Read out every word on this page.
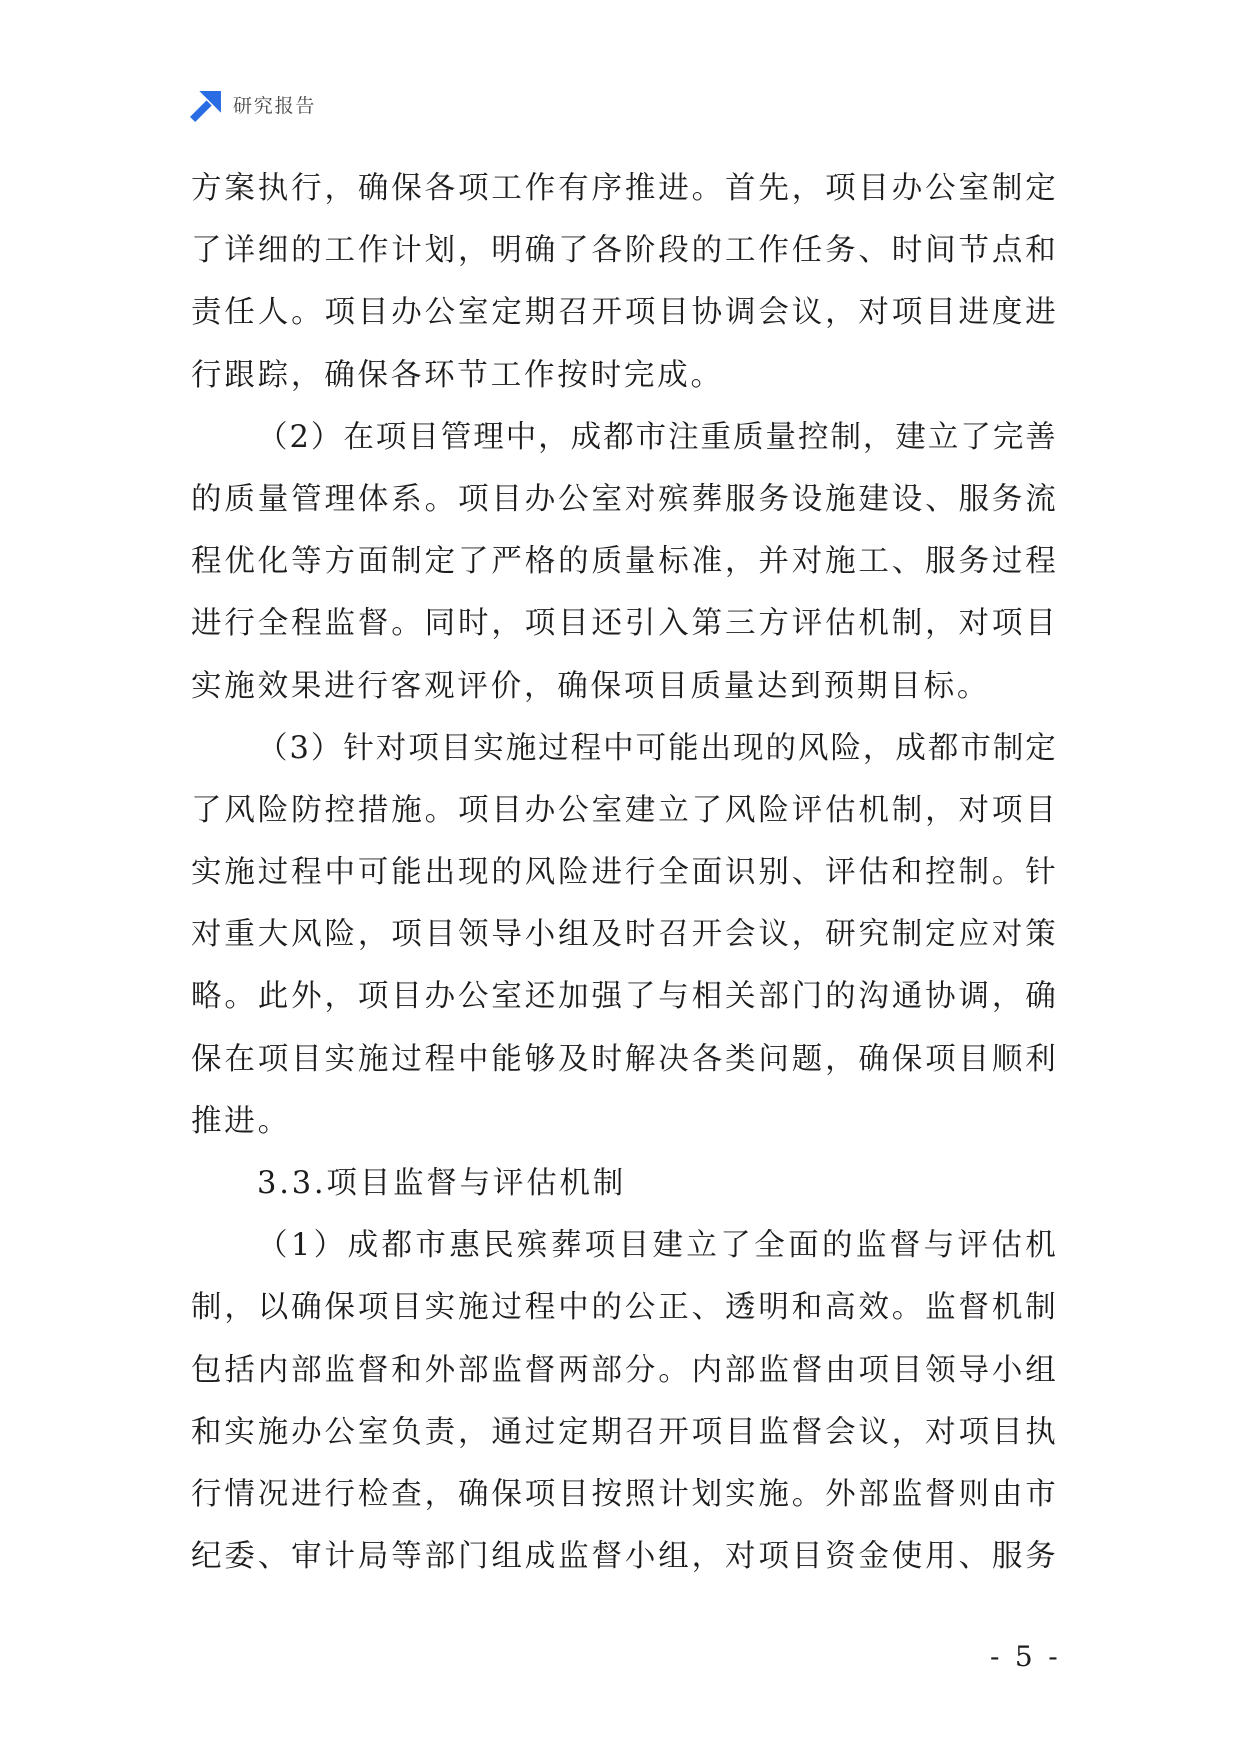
研究报告
方案执行，确保各项工作有序推进。首先，项目办公室制定
了详细的工作计划，明确了各阶段的工作任务、时间节点和
责任人。项目办公室定期召开项目协调会议，对项目进度进
行跟踪，确保各环节工作按时完成。
（2）在项目管理中，成都市注重质量控制，建立了完善
的质量管理体系。项目办公室对殡葬服务设施建设、服务流
程优化等方面制定了严格的质量标准，并对施工、服务过程
进行全程监督。同时，项目还引入第三方评估机制，对项目
实施效果进行客观评价，确保项目质量达到预期目标。
（3）针对项目实施过程中可能出现的风险，成都市制定
了风险防控措施。项目办公室建立了风险评估机制，对项目
实施过程中可能出现的风险进行全面识别、评估和控制。针
对重大风险，项目领导小组及时召开会议，研究制定应对策
略。此外，项目办公室还加强了与相关部门的沟通协调，确
保在项目实施过程中能够及时解决各类问题，确保项目顺利
推进。
3.3.项目监督与评估机制
（1）成都市惠民殡葬项目建立了全面的监督与评估机
制，以确保项目实施过程中的公正、透明和高效。监督机制
包括内部监督和外部监督两部分。内部监督由项目领导小组
和实施办公室负责，通过定期召开项目监督会议，对项目执
行情况进行检查，确保项目按照计划实施。外部监督则由市
纪委、审计局等部门组成监督小组，对项目资金使用、服务
- 5 -
